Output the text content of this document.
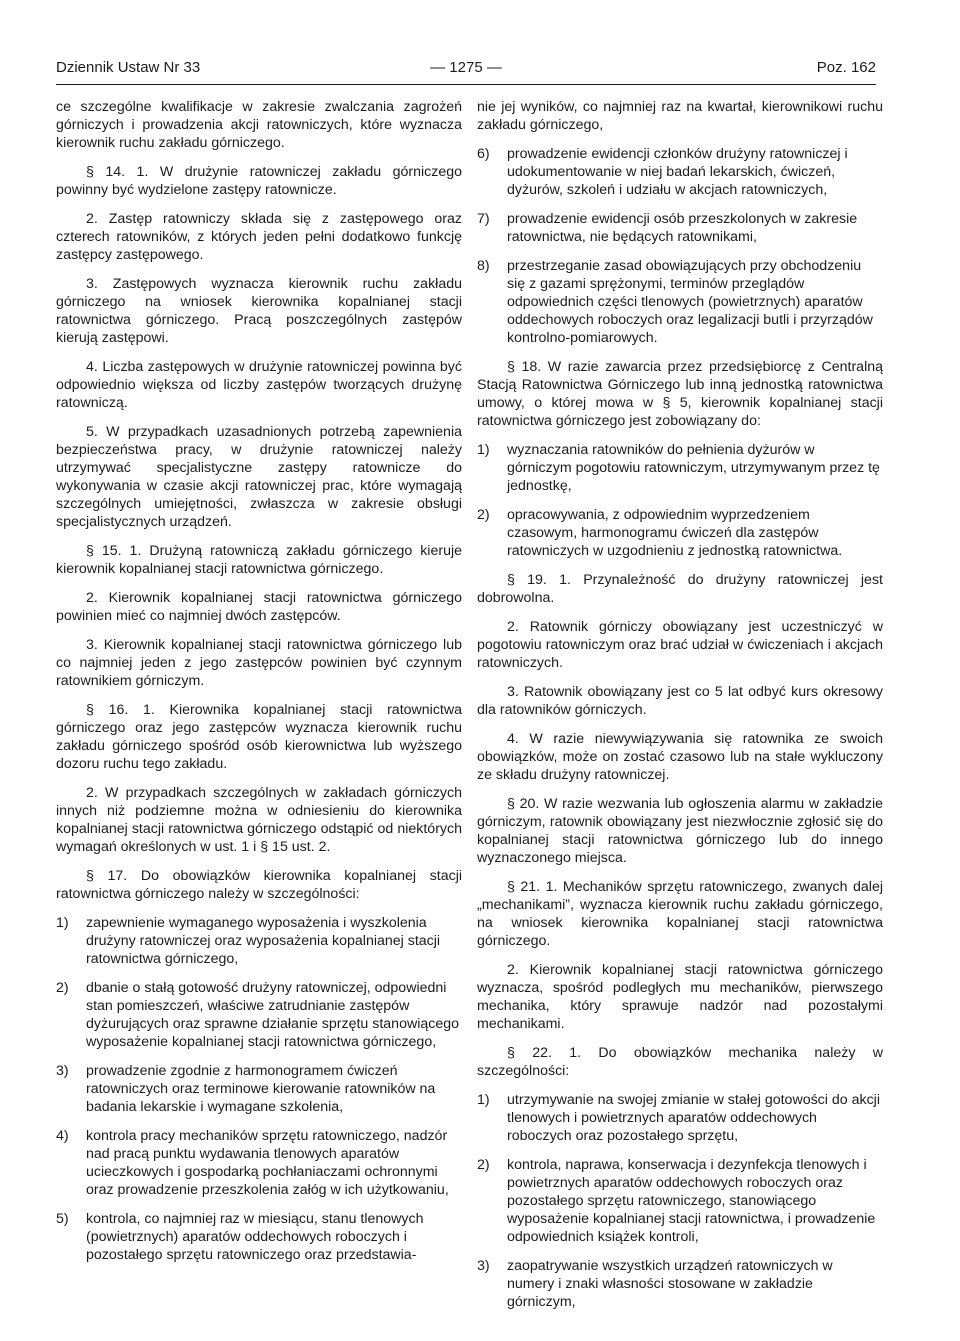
Dziennik Ustaw Nr 33	— 1275 —	Poz. 162

ce szczególne kwalifikacje w zakresie zwalczania zagrożeń górniczych i prowadzenia akcji ratowniczych, które wyznacza kierownik ruchu zakładu górniczego.

§ 14. 1. W drużynie ratowniczej zakładu górniczego powinny być wydzielone zastępy ratownicze.

2. Zastęp ratowniczy składa się z zastępowego oraz czterech ratowników, z których jeden pełni dodatkowo funkcję zastępcy zastępowego.

3. Zastępowych wyznacza kierownik ruchu zakładu górniczego na wniosek kierownika kopalnianej stacji ratownictwa górniczego. Pracą poszczególnych zastępów kierują zastępowi.

4. Liczba zastępowych w drużynie ratowniczej powinna być odpowiednio większa od liczby zastępów tworzących drużynę ratowniczą.

5. W przypadkach uzasadnionych potrzebą zapewnienia bezpieczeństwa pracy, w drużynie ratowniczej należy utrzymywać specjalistyczne zastępy ratownicze do wykonywania w czasie akcji ratowniczej prac, które wymagają szczególnych umiejętności, zwłaszcza w zakresie obsługi specjalistycznych urządzeń.

§ 15. 1. Drużyną ratowniczą zakładu górniczego kieruje kierownik kopalnianej stacji ratownictwa górniczego.

2. Kierownik kopalnianej stacji ratownictwa górniczego powinien mieć co najmniej dwóch zastępców.

3. Kierownik kopalnianej stacji ratownictwa górniczego lub co najmniej jeden z jego zastępców powinien być czynnym ratownikiem górniczym.

§ 16. 1. Kierownika kopalnianej stacji ratownictwa górniczego oraz jego zastępców wyznacza kierownik ruchu zakładu górniczego spośród osób kierownictwa lub wyższego dozoru ruchu tego zakładu.

2. W przypadkach szczególnych w zakładach górniczych innych niż podziemne można w odniesieniu do kierownika kopalnianej stacji ratownictwa górniczego odstąpić od niektórych wymagań określonych w ust. 1 i § 15 ust. 2.

§ 17. Do obowiązków kierownika kopalnianej stacji ratownictwa górniczego należy w szczególności:

1) zapewnienie wymaganego wyposażenia i wyszkolenia drużyny ratowniczej oraz wyposażenia kopalnianej stacji ratownictwa górniczego,
2) dbanie o stałą gotowość drużyny ratowniczej, odpowiedni stan pomieszczeń, właściwe zatrudnianie zastępów dyżurujących oraz sprawne działanie sprzętu stanowiącego wyposażenie kopalnianej stacji ratownictwa górniczego,
3) prowadzenie zgodnie z harmonogramem ćwiczeń ratowniczych oraz terminowe kierowanie ratowników na badania lekarskie i wymagane szkolenia,
4) kontrola pracy mechaników sprzętu ratowniczego, nadzór nad pracą punktu wydawania tlenowych aparatów ucieczkowych i gospodarką pochłaniaczami ochronnymi oraz prowadzenie przeszkolenia załóg w ich użytkowaniu,
5) kontrola, co najmniej raz w miesiącu, stanu tlenowych (powietrznych) aparatów oddechowych roboczych i pozostałego sprzętu ratowniczego oraz przedstawia-

nie jej wyników, co najmniej raz na kwartał, kierownikowi ruchu zakładu górniczego,

6) prowadzenie ewidencji członków drużyny ratowniczej i udokumentowanie w niej badań lekarskich, ćwiczeń, dyżurów, szkoleń i udziału w akcjach ratowniczych,
7) prowadzenie ewidencji osób przeszkolonych w zakresie ratownictwa, nie będących ratownikami,
8) przestrzeganie zasad obowiązujących przy obchodzeniu się z gazami sprężonymi, terminów przeglądów odpowiednich części tlenowych (powietrznych) aparatów oddechowych roboczych oraz legalizacji butli i przyrządów kontrolno-pomiarowych.

§ 18. W razie zawarcia przez przedsiębiorcę z Centralną Stacją Ratownictwa Górniczego lub inną jednostką ratownictwa umowy, o której mowa w § 5, kierownik kopalnianej stacji ratownictwa górniczego jest zobowiązany do:

1) wyznaczania ratowników do pełnienia dyżurów w górniczym pogotowiu ratowniczym, utrzymywanym przez tę jednostkę,
2) opracowywania, z odpowiednim wyprzedzeniem czasowym, harmonogramu ćwiczeń dla zastępów ratowniczych w uzgodnieniu z jednostką ratownictwa.

§ 19. 1. Przynależność do drużyny ratowniczej jest dobrowolna.

2. Ratownik górniczy obowiązany jest uczestniczyć w pogotowiu ratowniczym oraz brać udział w ćwiczeniach i akcjach ratowniczych.

3. Ratownik obowiązany jest co 5 lat odbyć kurs okresowy dla ratowników górniczych.

4. W razie niewywiązywania się ratownika ze swoich obowiązków, może on zostać czasowo lub na stałe wykluczony ze składu drużyny ratowniczej.

§ 20. W razie wezwania lub ogłoszenia alarmu w zakładzie górniczym, ratownik obowiązany jest niezwłocznie zgłosić się do kopalnianej stacji ratownictwa górniczego lub do innego wyznaczonego miejsca.

§ 21. 1. Mechaników sprzętu ratowniczego, zwanych dalej „mechanikami”, wyznacza kierownik ruchu zakładu górniczego, na wniosek kierownika kopalnianej stacji ratownictwa górniczego.

2. Kierownik kopalnianej stacji ratownictwa górniczego wyznacza, spośród podległych mu mechaników, pierwszego mechanika, który sprawuje nadzór nad pozostałymi mechanikami.

§ 22. 1. Do obowiązków mechanika należy w szczególności:

1) utrzymywanie na swojej zmianie w stałej gotowości do akcji tlenowych i powietrznych aparatów oddechowych roboczych oraz pozostałego sprzętu,
2) kontrola, naprawa, konserwacja i dezynfekcja tlenowych i powietrznych aparatów oddechowych roboczych oraz pozostałego sprzętu ratowniczego, stanowiącego wyposażenie kopalnianej stacji ratownictwa, i prowadzenie odpowiednich książek kontroli,
3) zaopatrywanie wszystkich urządzeń ratowniczych w numery i znaki własności stosowane w zakładzie górniczym,
